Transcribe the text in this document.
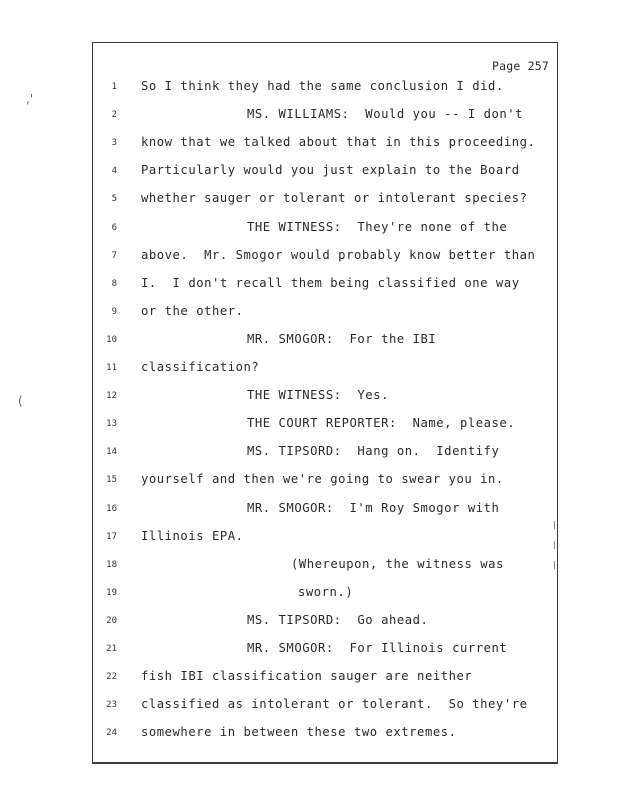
,'
(
Page 257
1 So I think they had the same conclusion I did.
2	MS. WILLIAMS:  Would you -- I don't
3 know that we talked about that in this proceeding.
4 Particularly would you just explain to the Board
5 whether sauger or tolerant or intolerant species?
6	THE WITNESS:  They're none of the
7 above.  Mr. Smogor would probably know better than
8 I.  I don't recall them being classified one way
9 or the other.
10	MR. SMOGOR:  For the IBI
11 classification?
12	THE WITNESS:  Yes.
13	THE COURT REPORTER:  Name, please.
14	MS. TIPSORD:  Hang on.  Identify
15 yourself and then we're going to swear you in.
16	MR. SMOGOR:  I'm Roy Smogor with
17 Illinois EPA.
18	(Whereupon, the witness was
19	sworn.)
20	MS. TIPSORD:  Go ahead.
21	MR. SMOGOR:  For Illinois current
22 fish IBI classification sauger are neither
23 classified as intolerant or tolerant.  So they're
24 somewhere in between these two extremes.
